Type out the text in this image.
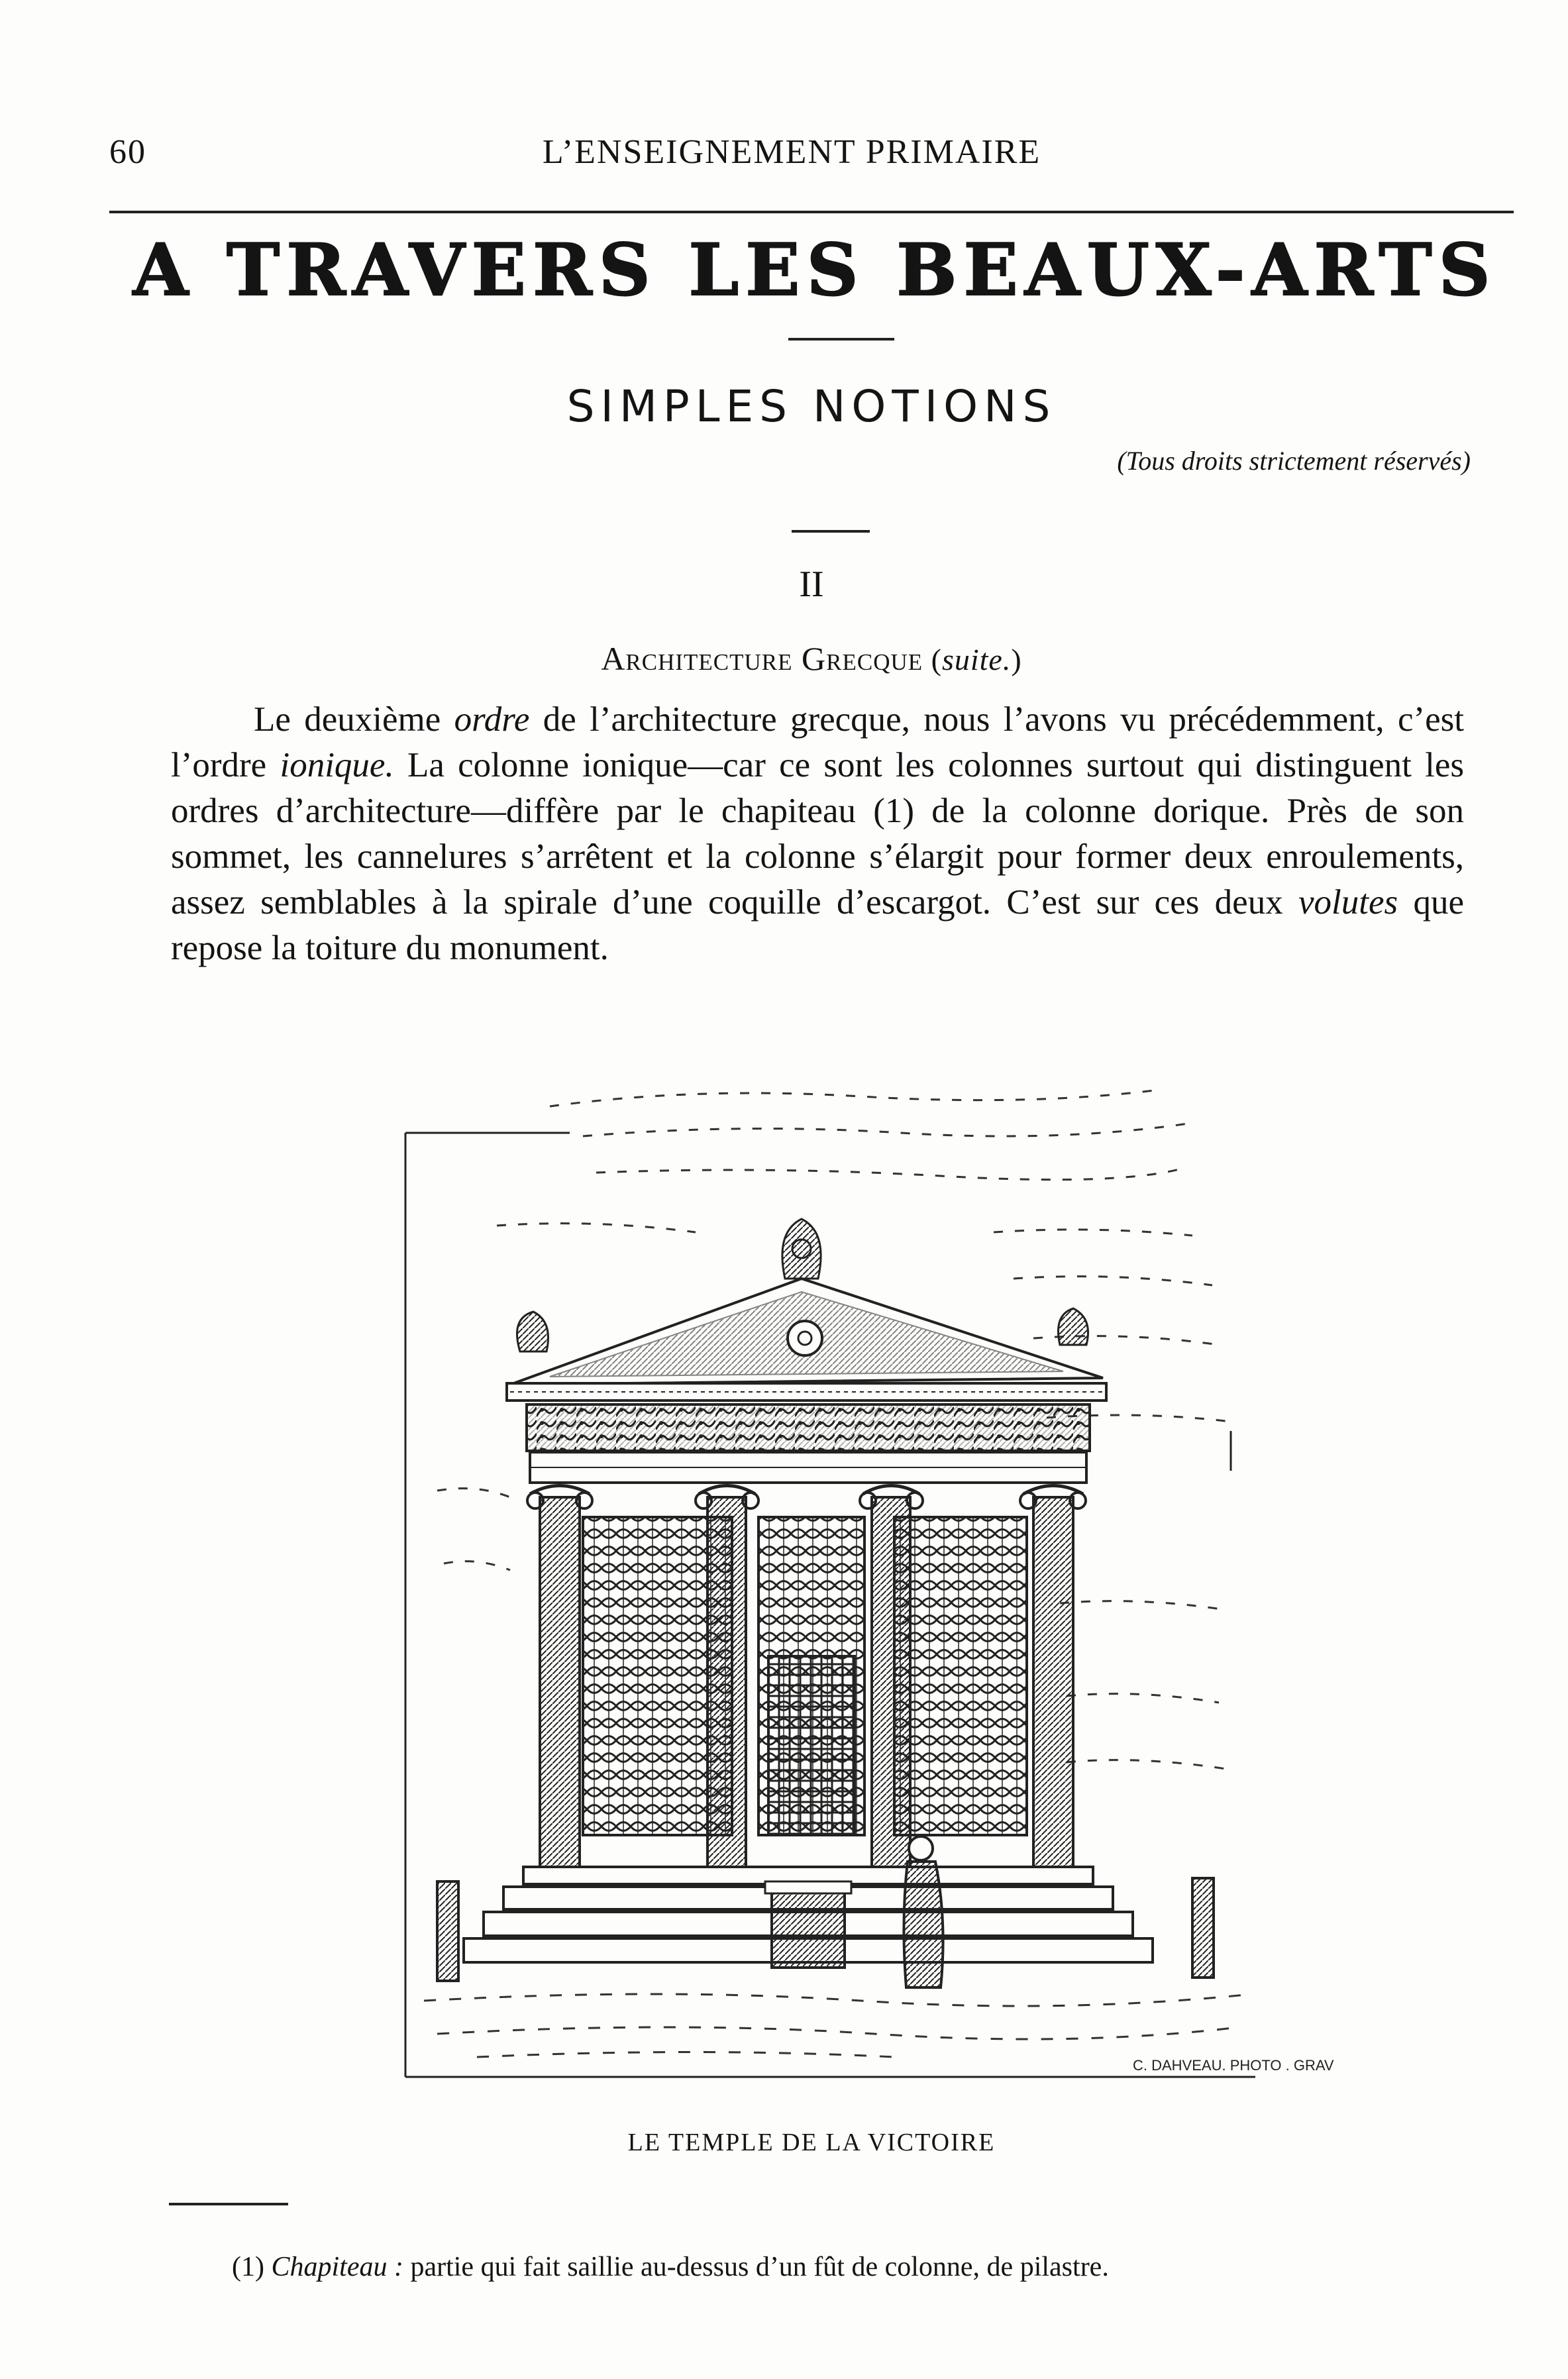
60	L’ENSEIGNEMENT PRIMAIRE
A TRAVERS LES BEAUX-ARTS
SIMPLES NOTIONS
(Tous droits strictement réservés)
II
Architecture Grecque (suite.)

Le deuxième ordre de l’architecture grecque, nous l’avons vu précédemment, c’est l’ordre ionique. La colonne ionique—car ce sont les colonnes surtout qui distinguent les ordres d’architecture—diffère par le chapiteau (1) de la colonne dorique. Près de son sommet, les cannelures s’arrêtent et la colonne s’élargit pour former deux enroulements, assez semblables à la spirale d’une coquille d’escargot. C’est sur ces deux volutes que repose la toiture du monument.

C. DAHVEAU. PHOTO . GRAV
LE TEMPLE DE LA VICTOIRE
(1) Chapiteau : partie qui fait saillie au-dessus d’un fût de colonne, de pilastre.
